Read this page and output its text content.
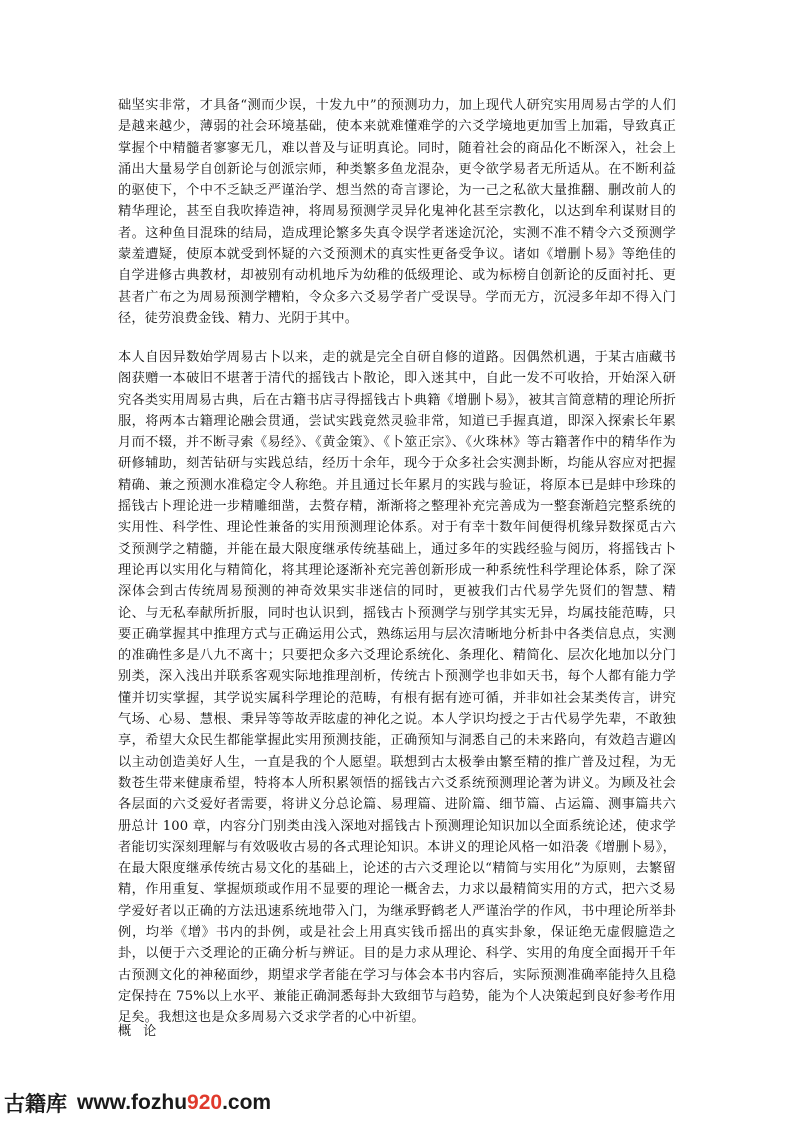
础坚实非常，才具备“测而少误，十发九中”的预测功力，加上现代人研究实用周易古学的人们是越来越少，薄弱的社会环境基础，使本来就难懂难学的六爻学境地更加雪上加霜，导致真正掌握个中精髓者寥寥无几，难以普及与证明真论。同时，随着社会的商品化不断深入，社会上涌出大量易学自创新论与创派宗师，种类繁多鱼龙混杂，更令欲学易者无所适从。在不断利益的驱使下，个中不乏缺乏严谨治学、想当然的奇言谬论，为一己之私欲大量推翻、删改前人的精华理论，甚至自我吹捧造神，将周易预测学灵异化鬼神化甚至宗教化，以达到牟利谋财目的者。这种鱼目混珠的结局，造成理论繁多失真令误学者迷途沉沦，实测不准不精令六爻预测学蒙羞遭疑，使原本就受到怀疑的六爻预测术的真实性更备受争议。诸如《增删卜易》等绝佳的自学进修古典教材，却被别有动机地斥为幼稚的低级理论、或为标榜自创新论的反面衬托、更甚者广布之为周易预测学糟粕，令众多六爻易学者广受误导。学而无方，沉浸多年却不得入门径，徒劳浪费金钱、精力、光阴于其中。

本人自因异数始学周易古卜以来，走的就是完全自研自修的道路。因偶然机遇，于某古庙藏书阁获赠一本破旧不堪著于清代的摇钱古卜散论，即入迷其中，自此一发不可收拾，开始深入研究各类实用周易古典，后在古籍书店寻得摇钱古卜典籍《增删卜易》，被其言简意精的理论所折服，将两本古籍理论融会贯通，尝试实践竟然灵验非常，知道已手握真道，即深入探索长年累月而不辍，并不断寻索《易经》、《黄金策》、《卜筮正宗》、《火珠林》等古籍著作中的精华作为研修辅助，刻苦钻研与实践总结，经历十余年，现今于众多社会实测卦断，均能从容应对把握精确、兼之预测水准稳定令人称绝。并且通过长年累月的实践与验证，将原本已是蚌中珍珠的摇钱古卜理论进一步精雕细凿，去赘存精，渐渐将之整理补充完善成为一整套渐趋完整系统的实用性、科学性、理论性兼备的实用预测理论体系。对于有幸十数年间便得机缘异数探觅古六爻预测学之精髓，并能在最大限度继承传统基础上，通过多年的实践经验与阅历，将摇钱古卜理论再以实用化与精简化，将其理论逐渐补充完善创新形成一种系统性科学理论体系，除了深深体会到古传统周易预测的神奇效果实非迷信的同时，更被我们古代易学先贤们的智慧、精论、与无私奉献所折服，同时也认识到，摇钱古卜预测学与别学其实无异，均属技能范畴，只要正确掌握其中推理方式与正确运用公式，熟练运用与层次清晰地分析卦中各类信息点，实测的准确性多是八九不离十；只要把众多六爻理论系统化、条理化、精简化、层次化地加以分门别类，深入浅出并联系客观实际地推理剖析，传统古卜预测学也非如天书，每个人都有能力学懂并切实掌握，其学说实属科学理论的范畴，有根有据有迹可循，并非如社会某类传言，讲究气场、心易、慧根、秉异等等故弄眩虚的神化之说。本人学识均授之于古代易学先辈，不敢独享，希望大众民生都能掌握此实用预测技能，正确预知与洞悉自己的未来路向，有效趋吉避凶以主动创造美好人生，一直是我的个人愿望。联想到古太极拳由繁至精的推广普及过程，为无数苍生带来健康希望，特将本人所积累领悟的摇钱古六爻系统预测理论著为讲义。为顾及社会各层面的六爻爱好者需要，将讲义分总论篇、易理篇、进阶篇、细节篇、占运篇、测事篇共六册总计 100 章，内容分门别类由浅入深地对摇钱古卜预测理论知识加以全面系统论述，使求学者能切实深刻理解与有效吸收古易的各式理论知识。本讲义的理论风格一如沿袭《增删卜易》，在最大限度继承传统古易文化的基础上，论述的古六爻理论以“精简与实用化”为原则，去繁留精，作用重复、掌握烦琐或作用不显要的理论一概舍去，力求以最精简实用的方式，把六爻易学爱好者以正确的方法迅速系统地带入门，为继承野鹤老人严谨治学的作风，书中理论所举卦例，均举《增》书内的卦例，或是社会上用真实钱币摇出的真实卦象，保证绝无虚假臆造之卦，以便于六爻理论的正确分析与辨证。目的是力求从理论、科学、实用的角度全面揭开千年古预测文化的神秘面纱，期望求学者能在学习与体会本书内容后，实际预测准确率能持久且稳定保持在 75%以上水平、兼能正确洞悉每卦大致细节与趋势，能为个人决策起到良好参考作用足矣。我想这也是众多周易六爻求学者的心中祈望。

概论

古籍库 www.fozhu 920 .com
